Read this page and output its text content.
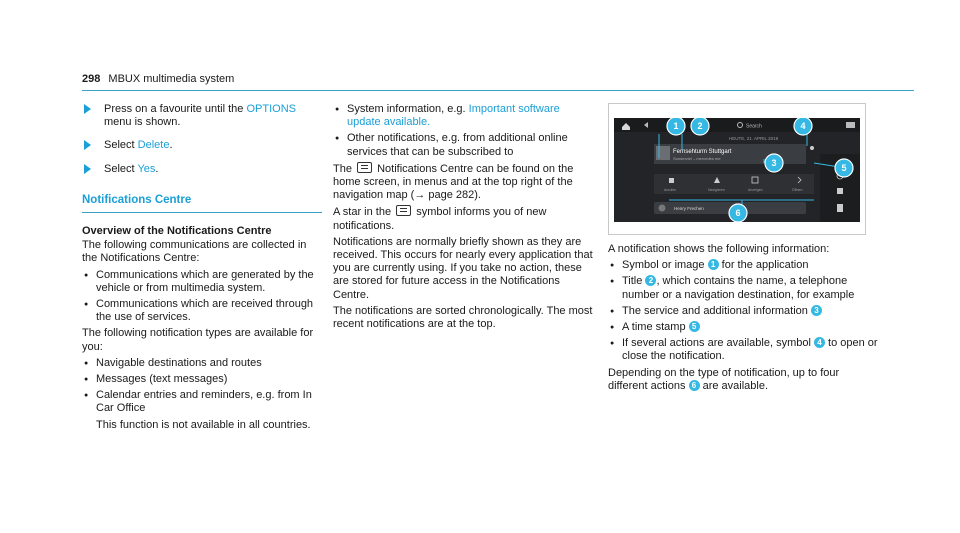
298 MBUX multimedia system
Press on a favourite until the OPTIONS menu is shown.
Select Delete.
Select Yes.
Notifications Centre
Overview of the Notifications Centre

The following communications are collected in the Notifications Centre:

● Communications which are generated by the vehicle or from multimedia system.
● Communications which are received through the use of services.

The following notification types are available for you:

● Navigable destinations and routes
● Messages (text messages)
● Calendar entries and reminders, e.g. from In Car Office
This function is not available in all countries.
● System information, e.g. Important software update available.
● Other notifications, e.g. from additional online services that can be subscribed to

The  Notifications Centre can be found on the home screen, in menus and at the top right of the navigation map (→ page 282).

A star in the  symbol informs you of new notifications.

Notifications are normally briefly shown as they are received. This occurs for nearly every application that you are currently using. If you take no action, these are stored for future access in the Notifications Centre.

The notifications are sorted chronologically. The most recent notifications are at the top.

Search
HEUTE, 21. APRIL 2019
Fernsehturm Stuttgart
Sonderziel – mercedes me
Anrufen	Navigieren	Anzeigen	Öffnen
Henry Frechen
1 2
3
4
5
6

A notification shows the following information:

● Symbol or image 1 for the application
● Title 2 , which contains the name, a telephone number or a navigation destination, for example
● The service and additional information 3
● A time stamp 5
● If several actions are available, symbol 4 to open or close the notification.

Depending on the type of notification, up to four different actions 6 are available.
